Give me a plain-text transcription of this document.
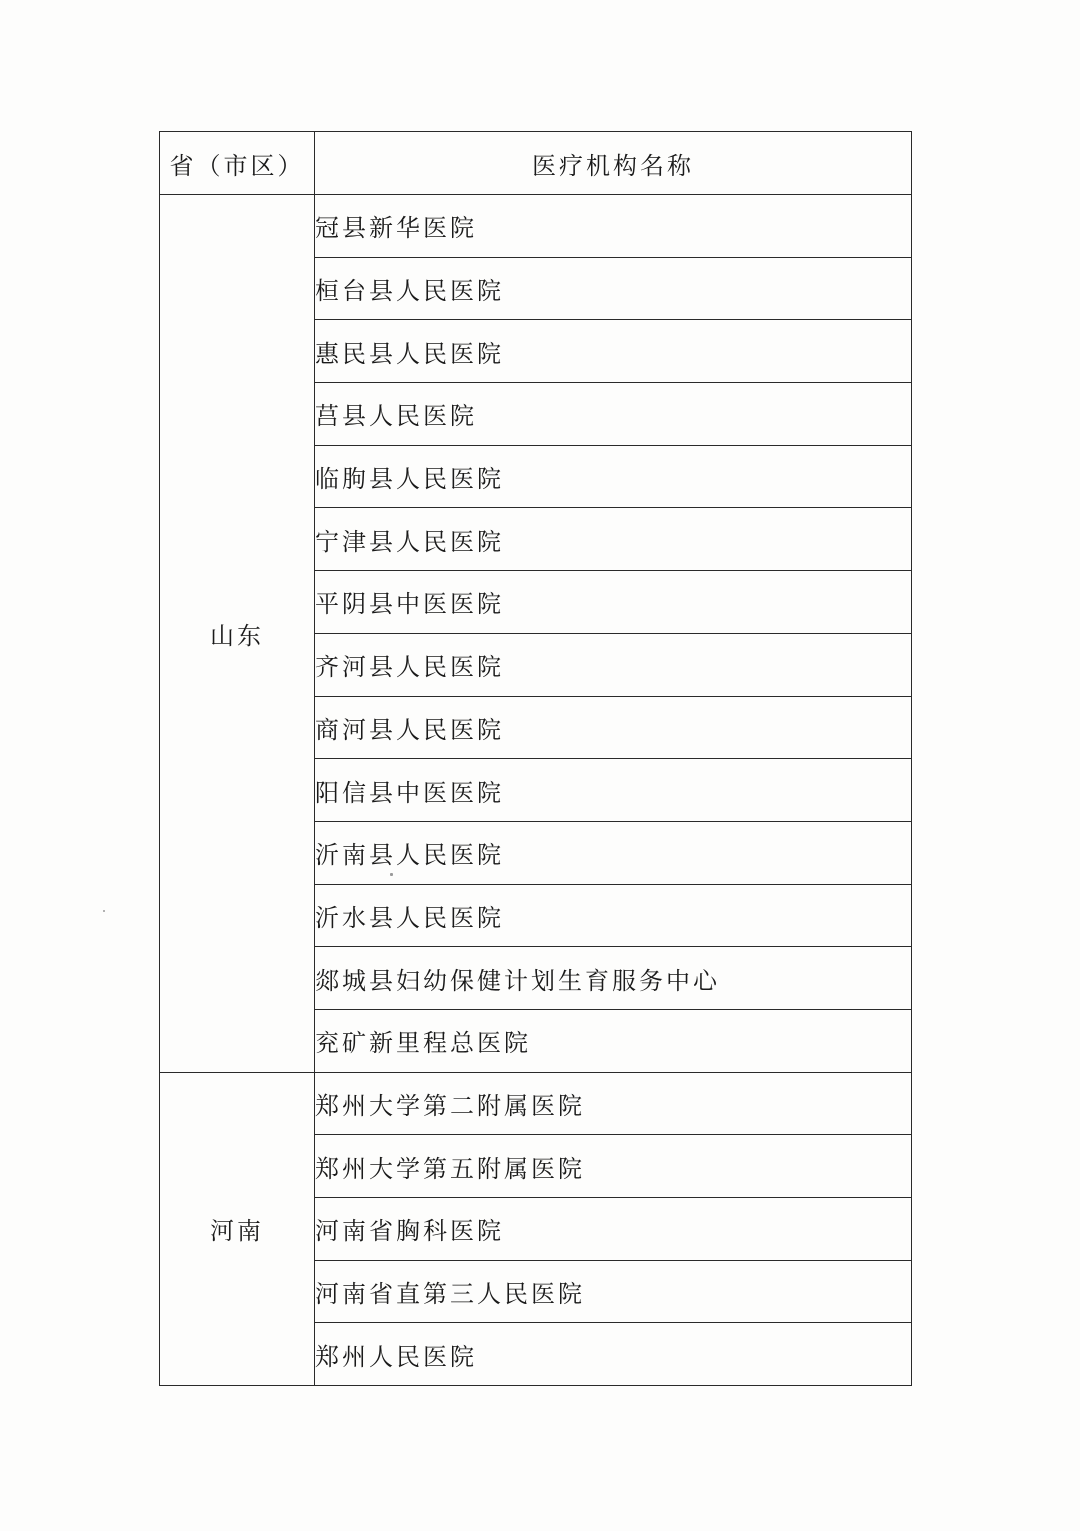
省（市区）	医疗机构名称
山东	冠县新华医院
	桓台县人民医院
	惠民县人民医院
	莒县人民医院
	临朐县人民医院
	宁津县人民医院
	平阴县中医医院
	齐河县人民医院
	商河县人民医院
	阳信县中医医院
	沂南县人民医院
	沂水县人民医院
	郯城县妇幼保健计划生育服务中心
	兖矿新里程总医院
河南	郑州大学第二附属医院
	郑州大学第五附属医院
	河南省胸科医院
	河南省直第三人民医院
	郑州人民医院
